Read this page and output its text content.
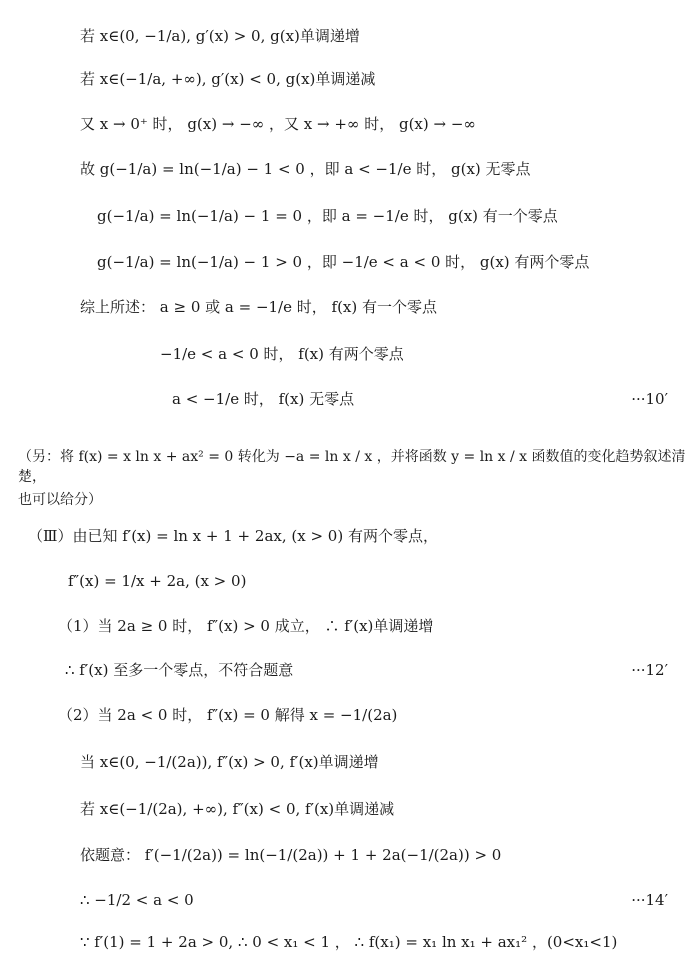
若 x∈(0, −1/a), g′(x) > 0, g(x)单调递增
若 x∈(−1/a, +∞), g′(x) < 0, g(x)单调递减
又 x → 0⁺ 时， g(x) → −∞ ，又 x → +∞ 时， g(x) → −∞
故 g(−1/a) = ln(−1/a) − 1 < 0 ，即 a < −1/e 时， g(x) 无零点
g(−1/a) = ln(−1/a) − 1 = 0 ，即 a = −1/e 时， g(x) 有一个零点
g(−1/a) = ln(−1/a) − 1 > 0 ，即 −1/e < a < 0 时， g(x) 有两个零点
综上所述： a ≥ 0 或 a = −1/e 时， f(x) 有一个零点
−1/e < a < 0 时， f(x) 有两个零点
a < −1/e 时， f(x) 无零点	···10′
（另：将 f(x) = x ln x + ax² = 0 转化为 −a = ln x / x ，并将函数 y = ln x / x 函数值的变化趋势叙述清楚，
也可以给分）
（Ⅲ）由已知 f′(x) = ln x + 1 + 2ax, (x > 0) 有两个零点，
f″(x) = 1/x + 2a, (x > 0)
（1）当 2a ≥ 0 时， f″(x) > 0 成立， ∴ f′(x)单调递增
∴ f′(x) 至多一个零点，不符合题意	···12′
（2）当 2a < 0 时， f″(x) = 0 解得 x = −1/(2a)
当 x∈(0, −1/(2a)), f″(x) > 0, f′(x)单调递增
若 x∈(−1/(2a), +∞), f″(x) < 0, f′(x)单调递减
依题意： f′(−1/(2a)) = ln(−1/(2a)) + 1 + 2a(−1/(2a)) > 0
∴ −1/2 < a < 0	···14′
∵ f′(1) = 1 + 2a > 0, ∴ 0 < x₁ < 1 ， ∴ f(x₁) = x₁ ln x₁ + ax₁² ，(0<x₁<1)
